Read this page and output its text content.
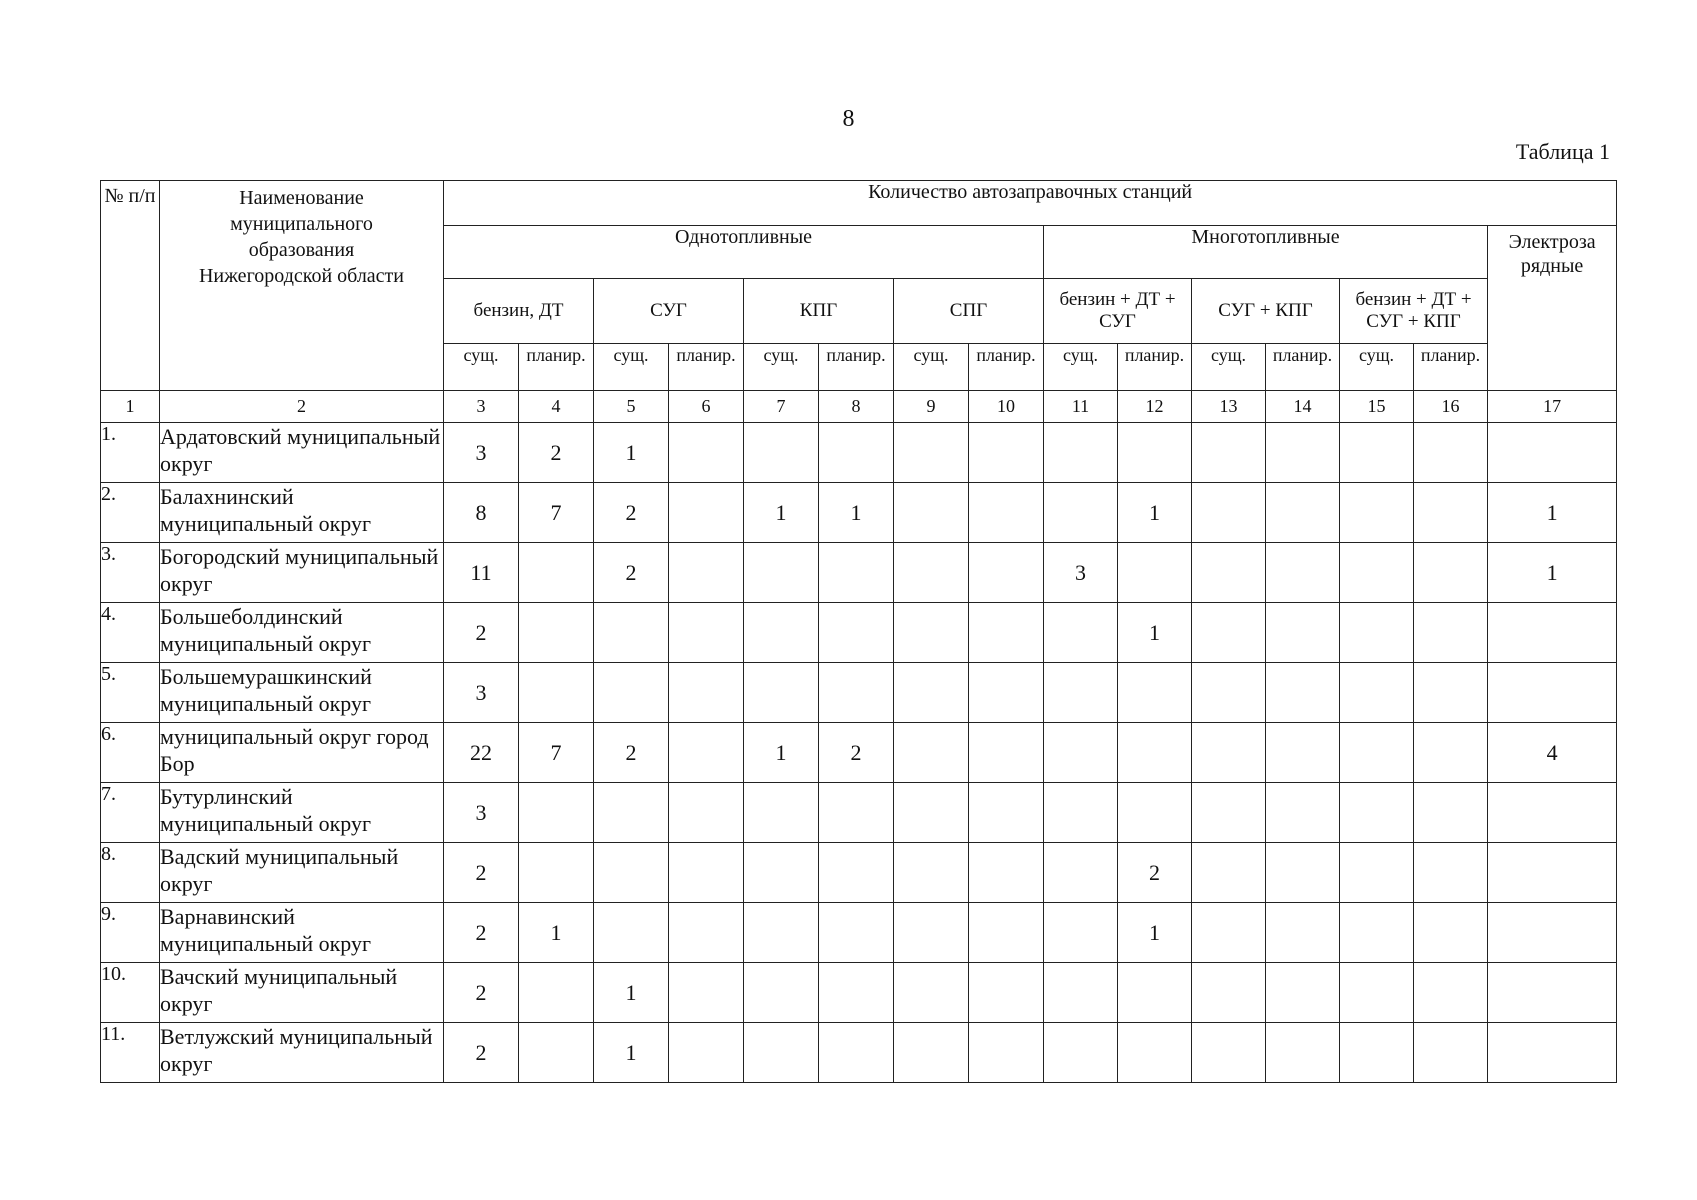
8
Таблица 1
№ п/п	Наименование муниципального образования Нижегородской области	Количество автозаправочных станций														
		Однотопливные								Многотопливные						Электроза рядные
		бензин, ДТ		СУГ		КПГ		СПГ		бензин + ДТ + СУГ		СУГ + КПГ		бензин + ДТ + СУГ + КПГ		
		сущ.	планир.	сущ.	планир.	сущ.	планир.	сущ.	планир.	сущ.	планир.	сущ.	планир.	сущ.	планир.	
1	2	3	4	5	6	7	8	9	10	11	12	13	14	15	16	17
1.	Ардатовский муниципальный округ	3	2	1												
2.	Балахнинский муниципальный округ	8	7	2		1	1				1					1
3.	Богородский муниципальный округ	11		2						3						1
4.	Большеболдинский муниципальный округ	2									1					
5.	Большемурашкинский муниципальный округ	3														
6.	муниципальный округ город Бор	22	7	2		1	2									4
7.	Бутурлинский муниципальный округ	3														
8.	Вадский муниципальный округ	2									2					
9.	Варнавинский муниципальный округ	2	1								1					
10.	Вачский муниципальный округ	2		1												
11.	Ветлужский муниципальный округ	2		1												
